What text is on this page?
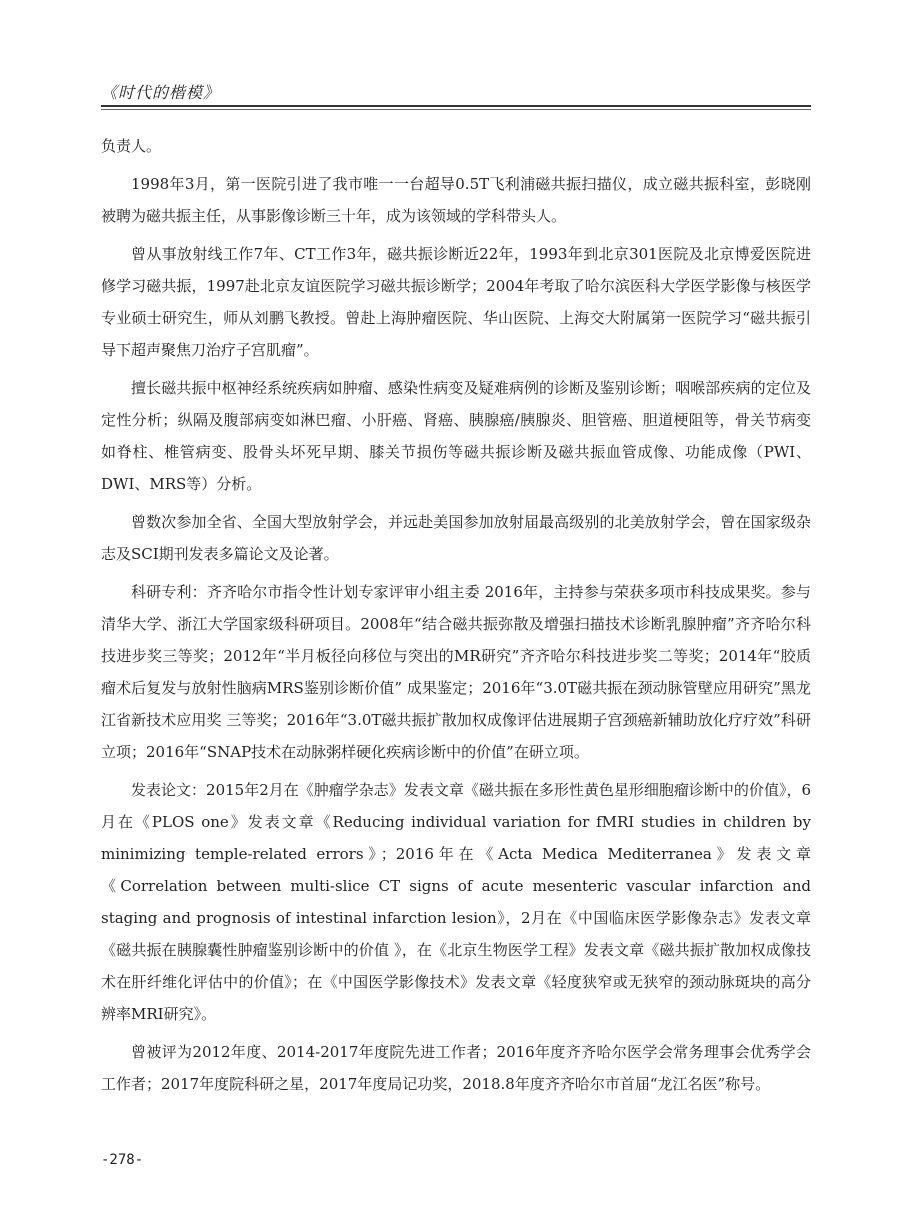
《时代的楷模》

负责人。

1998年3月，第一医院引进了我市唯一一台超导0.5T飞利浦磁共振扫描仪，成立磁共振科室，彭晓刚被聘为磁共振主任，从事影像诊断三十年，成为该领域的学科带头人。

曾从事放射线工作7年、CT工作3年，磁共振诊断近22年，1993年到北京301医院及北京博爱医院进修学习磁共振，1997赴北京友谊医院学习磁共振诊断学；2004年考取了哈尔滨医科大学医学影像与核医学专业硕士研究生，师从刘鹏飞教授。曾赴上海肿瘤医院、华山医院、上海交大附属第一医院学习“磁共振引导下超声聚焦刀治疗子宫肌瘤”。

擅长磁共振中枢神经系统疾病如肿瘤、感染性病变及疑难病例的诊断及鉴别诊断；咽喉部疾病的定位及定性分析；纵隔及腹部病变如淋巴瘤、小肝癌、肾癌、胰腺癌/胰腺炎、胆管癌、胆道梗阻等，骨关节病变如脊柱、椎管病变、股骨头坏死早期、膝关节损伤等磁共振诊断及磁共振血管成像、功能成像（PWI、DWI、MRS等）分析。

曾数次参加全省、全国大型放射学会，并远赴美国参加放射届最高级别的北美放射学会，曾在国家级杂志及SCI期刊发表多篇论文及论著。

科研专利：齐齐哈尔市指令性计划专家评审小组主委 2016年，主持参与荣获多项市科技成果奖。参与清华大学、浙江大学国家级科研项目。2008年“结合磁共振弥散及增强扫描技术诊断乳腺肿瘤”齐齐哈尔科技进步奖三等奖；2012年“半月板径向移位与突出的MR研究”齐齐哈尔科技进步奖二等奖；2014年“胶质瘤术后复发与放射性脑病MRS鉴别诊断价值” 成果鉴定；2016年“3.0T磁共振在颈动脉管壁应用研究”黑龙江省新技术应用奖 三等奖；2016年“3.0T磁共振扩散加权成像评估进展期子宫颈癌新辅助放化疗疗效”科研立项；2016年“SNAP技术在动脉粥样硬化疾病诊断中的价值”在研立项。

发表论文：2015年2月在《肿瘤学杂志》发表文章《磁共振在多形性黄色星形细胞瘤诊断中的价值》，6月在《PLOS one》发表文章《Reducing individual variation for fMRI studies in children by minimizing temple-related errors》；2016年在《Acta Medica Mediterranea》发表文章《Correlation between multi-slice CT signs of acute mesenteric vascular infarction and staging and prognosis of intestinal infarction lesion》，2月在《中国临床医学影像杂志》发表文章《磁共振在胰腺囊性肿瘤鉴别诊断中的价值 》，在《北京生物医学工程》发表文章《磁共振扩散加权成像技术在肝纤维化评估中的价值》；在《中国医学影像技术》发表文章《轻度狭窄或无狭窄的颈动脉斑块的高分辨率MRI研究》。

曾被评为2012年度、2014-2017年度院先进工作者；2016年度齐齐哈尔医学会常务理事会优秀学会工作者；2017年度院科研之星，2017年度局记功奖，2018.8年度齐齐哈尔市首届“龙江名医”称号。

-278-
